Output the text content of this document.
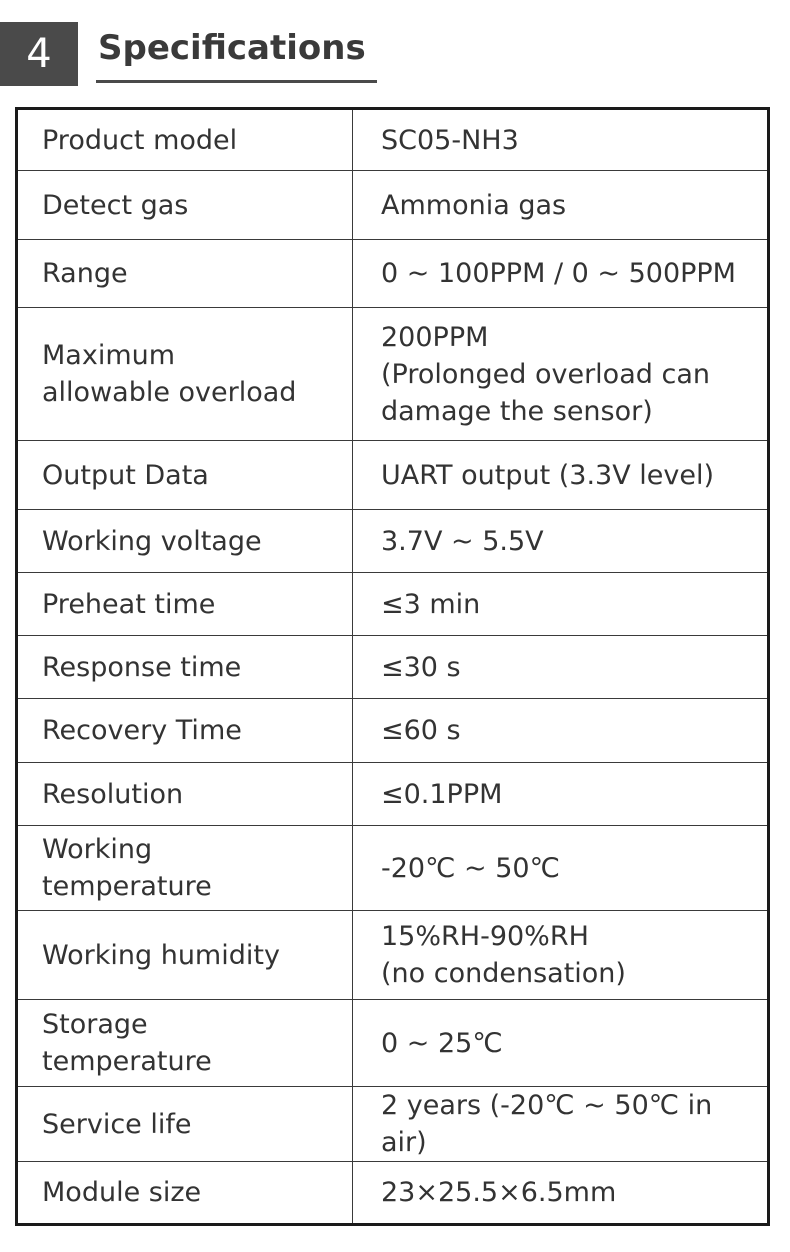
4	Specifications
Product model	SC05-NH3
Detect gas	Ammonia gas
Range	0 ~ 100PPM / 0 ~ 500PPM
Maximum
allowable overload	200PPM
(Prolonged overload can
damage the sensor)
Output Data	UART output (3.3V level)
Working voltage	3.7V ~ 5.5V
Preheat time	≤3 min
Response time	≤30 s
Recovery Time	≤60 s
Resolution	≤0.1PPM
Working
temperature	-20℃ ~ 50℃
Working humidity	15%RH-90%RH
(no condensation)
Storage
temperature	0 ~ 25℃
Service life	2 years (-20℃ ~ 50℃ in air)
Module size	23×25.5×6.5mm
